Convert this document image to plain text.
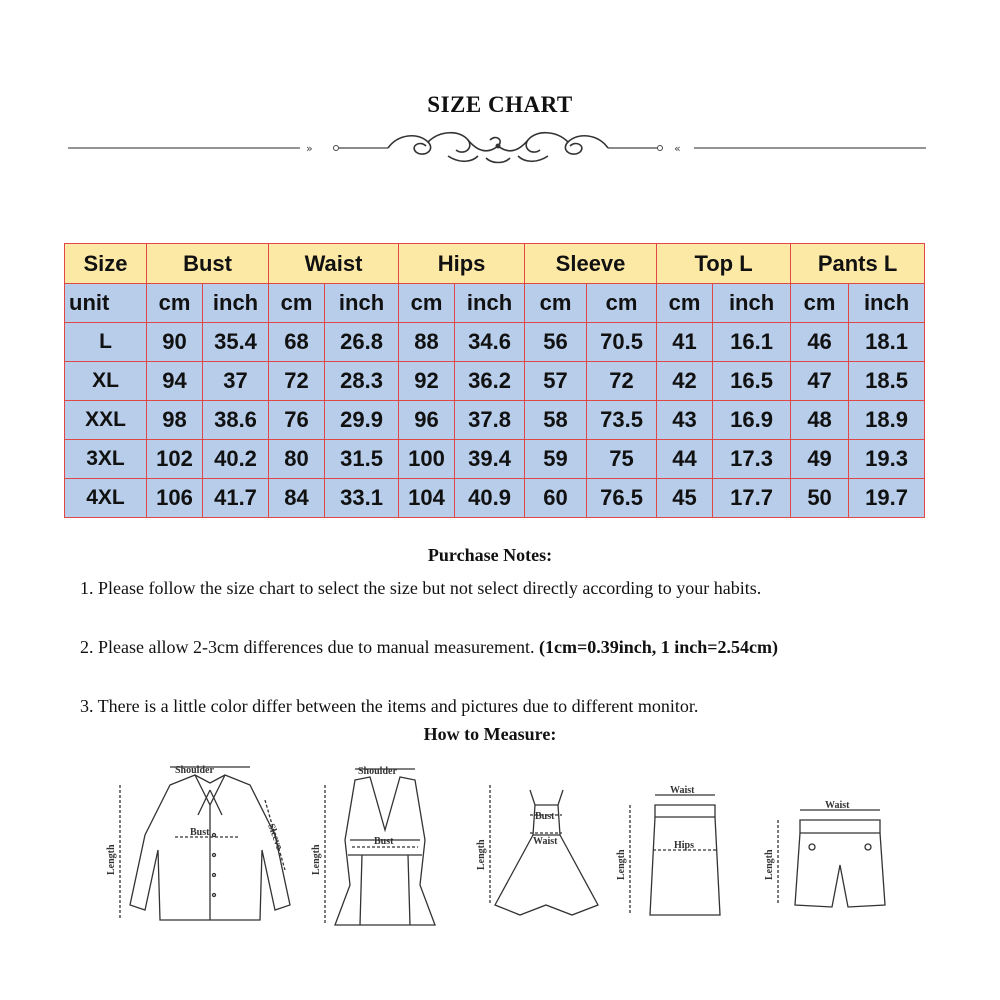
SIZE CHART
»	«
Size	Bust		Waist		Hips		Sleeve		Top L		Pants L	
unit	cm	inch	cm	inch	cm	inch	cm	cm	cm	inch	cm	inch
L	90	35.4	68	26.8	88	34.6	56	70.5	41	16.1	46	18.1
XL	94	37	72	28.3	92	36.2	57	72	42	16.5	47	18.5
XXL	98	38.6	76	29.9	96	37.8	58	73.5	43	16.9	48	18.9
3XL	102	40.2	80	31.5	100	39.4	59	75	44	17.3	49	19.3
4XL	106	41.7	84	33.1	104	40.9	60	76.5	45	17.7	50	19.7
Purchase Notes:
1. Please follow the size chart to select the size but not select directly according to your habits.
2. Please allow 2-3cm differences due to manual measurement. (1cm=0.39inch, 1 inch=2.54cm)
3. There is a little color differ between the items and pictures due to different monitor.
How to Measure:
Shoulder
Bust
Length
Sleeve
Shoulder
Bust
Length
Bust
Waist
Length
Waist
Hips
Length
Waist
Length
